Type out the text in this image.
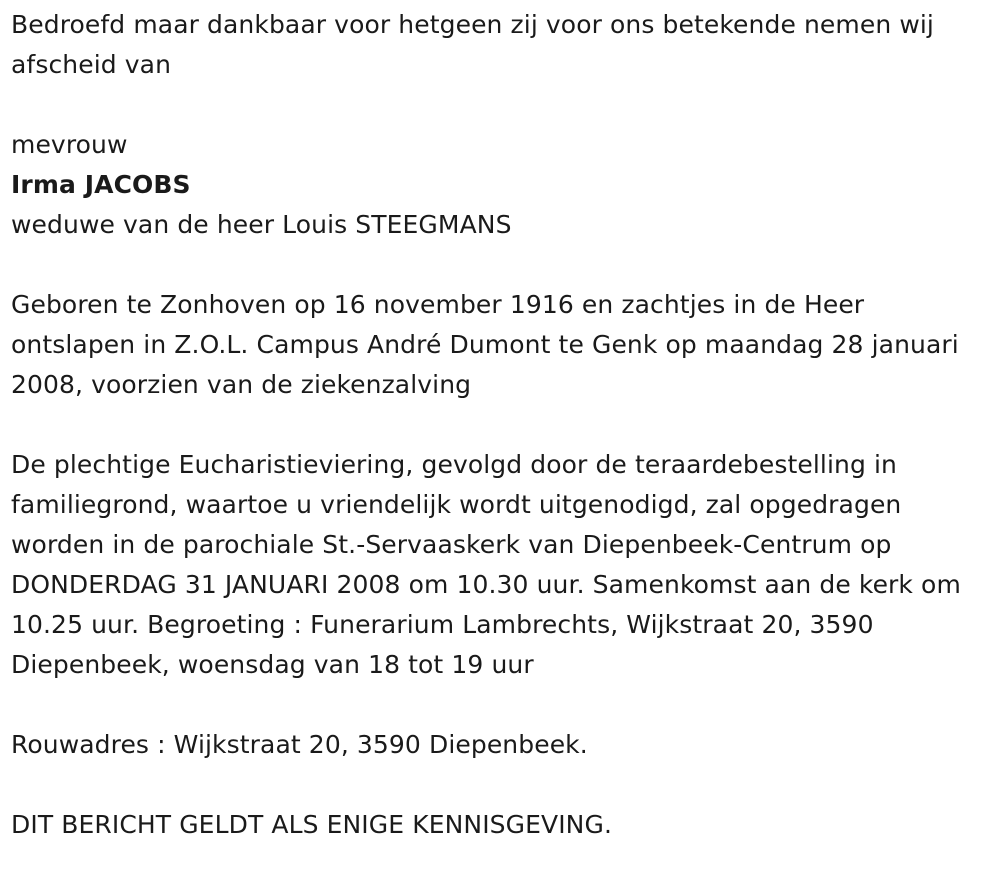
Bedroefd maar dankbaar voor hetgeen zij voor ons betekende nemen wij afscheid van

mevrouw

Irma JACOBS

weduwe van de heer Louis STEEGMANS

Geboren te Zonhoven op 16 november 1916 en zachtjes in de Heer ontslapen in Z.O.L. Campus André Dumont te Genk op maandag 28 januari 2008, voorzien van de ziekenzalving

De plechtige Eucharistieviering, gevolgd door de teraardebestelling in familiegrond, waartoe u vriendelijk wordt uitgenodigd, zal opgedragen worden in de parochiale St.-Servaaskerk van Diepenbeek-Centrum op DONDERDAG 31 JANUARI 2008 om 10.30 uur. Samenkomst aan de kerk om 10.25 uur. Begroeting : Funerarium Lambrechts, Wijkstraat 20, 3590 Diepenbeek, woensdag van 18 tot 19 uur

Rouwadres : Wijkstraat 20, 3590 Diepenbeek.

DIT BERICHT GELDT ALS ENIGE KENNISGEVING.
